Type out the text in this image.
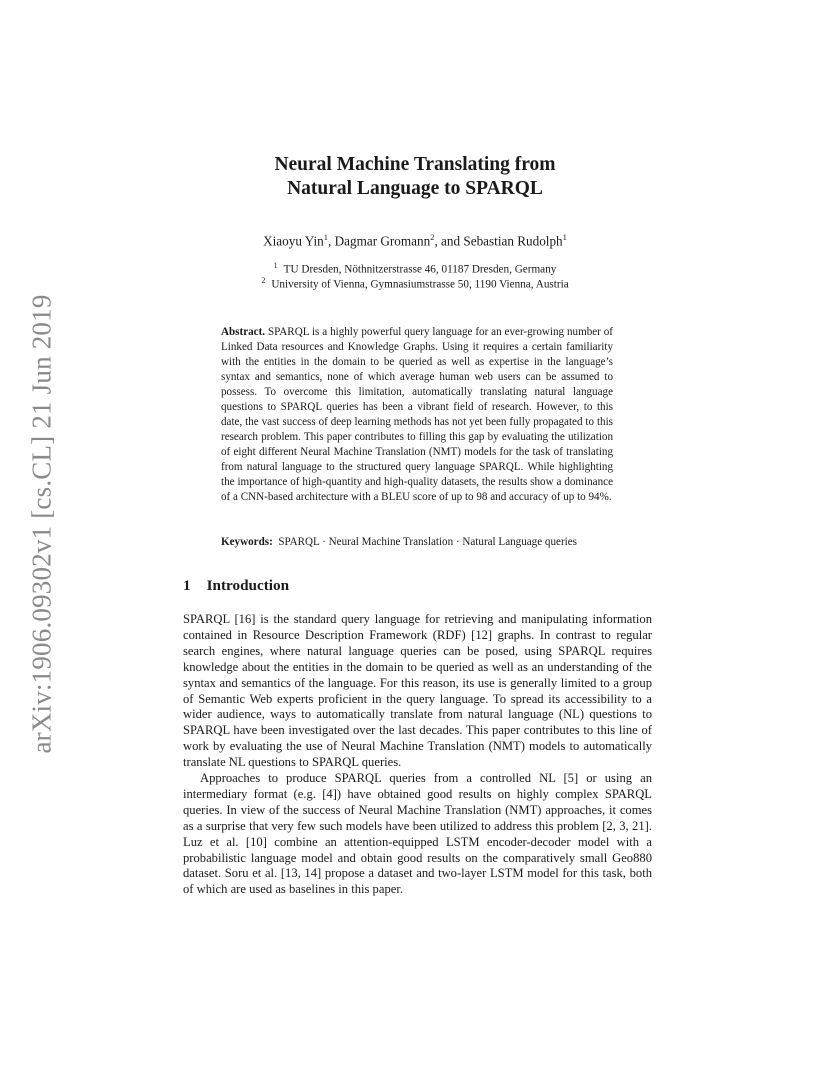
arXiv:1906.09302v1 [cs.CL] 21 Jun 2019
Neural Machine Translating from
Natural Language to SPARQL
Xiaoyu Yin$^1$, Dagmar Gromann$^2$, and Sebastian Rudolph$^1$
$^1$ TU Dresden, Nöthnitzerstrasse 46, 01187 Dresden, Germany
$^2$ University of Vienna, Gymnasiumstrasse 50, 1190 Vienna, Austria

Abstract. SPARQL is a highly powerful query language for an ever-growing number of Linked Data resources and Knowledge Graphs. Using it requires a certain familiarity with the entities in the domain to be queried as well as expertise in the language’s syntax and semantics, none of which average human web users can be assumed to possess. To overcome this limitation, automatically translating natural language questions to SPARQL queries has been a vibrant field of research. However, to this date, the vast success of deep learning methods has not yet been fully propagated to this research problem. This paper contributes to filling this gap by evaluating the utilization of eight different Neural Machine Translation (NMT) models for the task of translating from natural language to the structured query language SPARQL. While highlighting the importance of high-quantity and high-quality datasets, the results show a dominance of a CNN-based architecture with a BLEU score of up to 98 and accuracy of up to 94%.

Keywords: SPARQL · Neural Machine Translation · Natural Language queries
1 Introduction

SPARQL [16] is the standard query language for retrieving and manipulating information contained in Resource Description Framework (RDF) [12] graphs. In contrast to regular search engines, where natural language queries can be posed, using SPARQL requires knowledge about the entities in the domain to be queried as well as an understanding of the syntax and semantics of the language. For this reason, its use is generally limited to a group of Semantic Web experts proficient in the query language. To spread its accessibility to a wider audience, ways to automatically translate from natural language (NL) questions to SPARQL have been investigated over the last decades. This paper contributes to this line of work by evaluating the use of Neural Machine Translation (NMT) models to automatically translate NL questions to SPARQL queries.

Approaches to produce SPARQL queries from a controlled NL [5] or using an intermediary format (e.g. [4]) have obtained good results on highly complex SPARQL queries. In view of the success of Neural Machine Translation (NMT) approaches, it comes as a surprise that very few such models have been utilized to address this problem [2, 3, 21]. Luz et al. [10] combine an attention-equipped LSTM encoder-decoder model with a probabilistic language model and obtain good results on the comparatively small Geo880 dataset. Soru et al. [13, 14] propose a dataset and two-layer LSTM model for this task, both of which are used as baselines in this paper.
